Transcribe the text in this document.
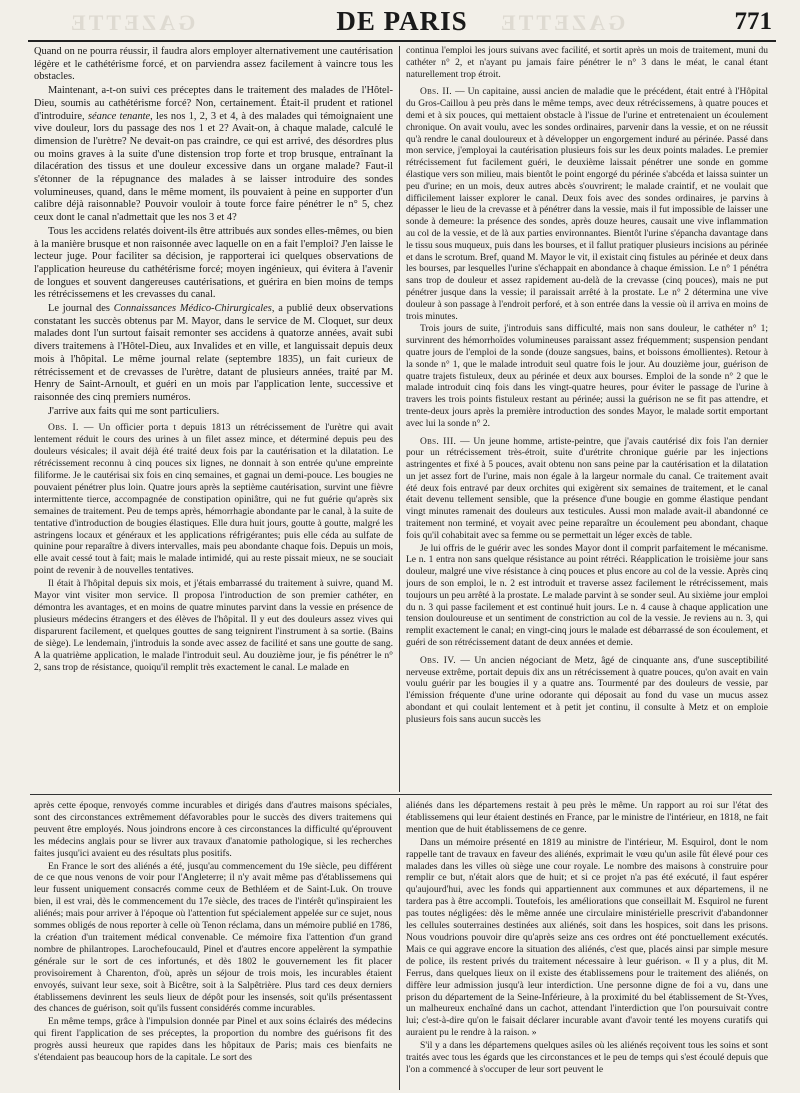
GAZETTE	GAZETTE
DE PARIS	771

Quand on ne pourra réussir, il faudra alors employer alternativement une cautérisation légère et le cathétérisme forcé, et on parviendra assez facilement à vaincre tous les obstacles.

Maintenant, a-t-on suivi ces préceptes dans le traitement des malades de l'Hôtel-Dieu, soumis au cathétérisme forcé? Non, certainement. Était-il prudent et rationel d'introduire, séance tenante, les nos 1, 2, 3 et 4, à des malades qui témoignaient une vive douleur, lors du passage des nos 1 et 2? Avait-on, à chaque malade, calculé le dimension de l'urètre? Ne devait-on pas craindre, ce qui est arrivé, des désordres plus ou moins graves à la suite d'une distension trop forte et trop brusque, entraînant la dilacération des tissus et une douleur excessive dans un organe malade? Faut-il s'étonner de la répugnance des malades à se laisser introduire des sondes volumineuses, quand, dans le même moment, ils pouvaient à peine en supporter d'un calibre déjà raisonnable? Pouvoir vouloir à toute force faire pénétrer le n° 5, chez ceux dont le canal n'admettait que les nos 3 et 4?

Tous les accidens relatés doivent-ils être attribués aux sondes elles-mêmes, ou bien à la manière brusque et non raisonnée avec laquelle on en a fait l'emploi? J'en laisse le lecteur juge. Pour faciliter sa décision, je rapporterai ici quelques observations de l'application heureuse du cathétérisme forcé; moyen ingénieux, qui évitera à l'avenir de longues et souvent dangereuses cautérisations, et guérira en bien moins de temps les rétrécissemens et les crevasses du canal.

Le journal des Connaissances Médico-Chirurgicales, a publié deux observations constatant les succès obtenus par M. Mayor, dans le service de M. Cloquet, sur deux malades dont l'un surtout faisait remonter ses accidens à quatorze années, avait subi divers traitemens à l'Hôtel-Dieu, aux Invalides et en ville, et languissait depuis deux mois à l'hôpital. Le même journal relate (septembre 1835), un fait curieux de rétrécissement et de crevasses de l'urètre, datant de plusieurs années, traité par M. Henry de Saint-Arnoult, et guéri en un mois par l'application lente, successive et raisonnée des cinq premiers numéros.

J'arrive aux faits qui me sont particuliers.

Obs. I. — Un officier porta t depuis 1813 un rétrécissement de l'urètre qui avait lentement réduit le cours des urines à un filet assez mince, et déterminé depuis peu des douleurs vésicales; il avait déjà été traité deux fois par la cautérisation et la dilatation. Le rétrécissement reconnu à cinq pouces six lignes, ne donnait à son entrée qu'une empreinte filiforme. Je le cautérisai six fois en cinq semaines, et gagnai un demi-pouce. Les bougies ne pouvaient pénétrer plus loin. Quatre jours après la septième cautérisation, survint une fièvre intermittente tierce, accompagnée de constipation opiniâtre, qui ne fut guérie qu'après six semaines de traitement. Peu de temps après, hémorrhagie abondante par le canal, à la suite de tentative d'introduction de bougies élastiques. Elle dura huit jours, goutte à goutte, malgré les astringens locaux et généraux et les applications réfrigérantes; puis elle céda au sulfate de quinine pour reparaître à divers intervalles, mais peu abondante chaque fois. Depuis un mois, elle avait cessé tout à fait; mais le malade intimidé, qui au reste pissait mieux, ne se souciait point de revenir à de nouvelles tentatives.

Il était à l'hôpital depuis six mois, et j'étais embarrassé du traitement à suivre, quand M. Mayor vint visiter mon service. Il proposa l'introduction de son premier cathéter, en démontra les avantages, et en moins de quatre minutes parvint dans la vessie en présence de plusieurs médecins étrangers et des élèves de l'hôpital. Il y eut des douleurs assez vives qui disparurent facilement, et quelques gouttes de sang teignirent l'instrument à sa sortie. (Bains de siège). Le lendemain, j'introduis la sonde avec assez de facilité et sans une goutte de sang. A la quatrième application, le malade l'introduit seul. Au douzième jour, je fis pénétrer le n° 2, sans trop de résistance, quoiqu'il remplit très exactement le canal. Le malade en

continua l'emploi les jours suivans avec facilité, et sortit après un mois de traitement, muni du cathéter n° 2, et n'ayant pu jamais faire pénétrer le n° 3 dans le méat, le canal étant naturellement trop étroit.

Obs. II. — Un capitaine, aussi ancien de maladie que le précédent, était entré à l'Hôpital du Gros-Caillou à peu près dans le même temps, avec deux rétrécissemens, à quatre pouces et demi et à six pouces, qui mettaient obstacle à l'issue de l'urine et entretenaient un écoulement chronique. On avait voulu, avec les sondes ordinaires, parvenir dans la vessie, et on ne réussit qu'à rendre le canal douloureux et à développer un engorgement induré au périnée. Passé dans mon service, j'employai la cautérisation plusieurs fois sur les deux points malades. Le premier rétrécissement fut facilement guéri, le deuxième laissait pénétrer une sonde en gomme élastique vers son milieu, mais bientôt le point engorgé du périnée s'abcéda et laissa suinter un peu d'urine; en un mois, deux autres abcès s'ouvrirent; le malade craintif, et ne voulait que difficilement laisser explorer le canal. Deux fois avec des sondes ordinaires, je parvins à dépasser le lieu de la crevasse et à pénétrer dans la vessie, mais il fut impossible de laisser une sonde à demeure: la présence des sondes, après douze heures, causait une vive inflammation au col de la vessie, et de là aux parties environnantes. Bientôt l'urine s'épancha davantage dans le tissu sous muqueux, puis dans les bourses, et il fallut pratiquer plusieurs incisions au périnée et dans le scrotum. Bref, quand M. Mayor le vit, il existait cinq fistules au périnée et deux dans les bourses, par lesquelles l'urine s'échappait en abondance à chaque émission. Le n° 1 pénétra sans trop de douleur et assez rapidement au-delà de la crevasse (cinq pouces), mais ne put pénétrer jusque dans la vessie; il paraissait arrêté à la prostate. Le n° 2 détermina une vive douleur à son passage à l'endroit perforé, et à son entrée dans la vessie où il arriva en moins de trois minutes.

Trois jours de suite, j'introduis sans difficulté, mais non sans douleur, le cathéter n° 1; survinrent des hémorrhoïdes volumineuses paraissant assez fréquemment; suspension pendant quatre jours de l'emploi de la sonde (douze sangsues, bains, et boissons émollientes). Retour à la sonde n° 1, que le malade introduit seul quatre fois le jour. Au douzième jour, guérison de quatre trajets fistuleux, deux au périnée et deux aux bourses. Emploi de la sonde n° 2 que le malade introduit cinq fois dans les vingt-quatre heures, pour éviter le passage de l'urine à travers les trois points fistuleux restant au périnée; aussi la guérison ne se fit pas attendre, et trente-deux jours après la première introduction des sondes Mayor, le malade sortit emportant avec lui la sonde n° 2.

Obs. III. — Un jeune homme, artiste-peintre, que j'avais cautérisé dix fois l'an dernier pour un rétrécissement très-étroit, suite d'urétrite chronique guérie par les injections astringentes et fixé à 5 pouces, avait obtenu non sans peine par la cautérisation et la dilatation un jet assez fort de l'urine, mais non égale à la largeur normale du canal. Ce traitement avait été deux fois entravé par deux orchites qui exigèrent six semaines de traitement, et le canal était devenu tellement sensible, que la présence d'une bougie en gomme élastique pendant vingt minutes ramenait des douleurs aux testicules. Aussi mon malade avait-il abandonné ce traitement non terminé, et voyait avec peine reparaître un écoulement peu abondant, chaque fois qu'il cohabitait avec sa femme ou se permettait un léger excès de table.

Je lui offris de le guérir avec les sondes Mayor dont il comprit parfaitement le mécanisme. Le n. 1 entra non sans quelque résistance au point rétréci. Réapplication le troisième jour sans douleur, malgré une vive résistance à cinq pouces et plus encore au col de la vessie. Après cinq jours de son emploi, le n. 2 est introduit et traverse assez facilement le rétrécissement, mais toujours un peu arrêté à la prostate. Le malade parvint à se sonder seul. Au sixième jour emploi du n. 3 qui passe facilement et est continué huit jours. Le n. 4 cause à chaque application une tension douloureuse et un sentiment de constriction au col de la vessie. Je reviens au n. 3, qui remplit exactement le canal; en vingt-cinq jours le malade est débarrassé de son écoulement, et guéri de son rétrécissement datant de deux années et demie.

Obs. IV. — Un ancien négociant de Metz, âgé de cinquante ans, d'une susceptibilité nerveuse extrême, portait depuis dix ans un rétrécissement à quatre pouces, qu'on avait en vain voulu guérir par les bougies il y a quatre ans. Tourmenté par des douleurs de vessie, par l'émission fréquente d'une urine odorante qui déposait au fond du vase un mucus assez abondant et qui coulait lentement et à petit jet continu, il consulte à Metz et on emploie plusieurs fois sans aucun succès les

après cette époque, renvoyés comme incurables et dirigés dans d'autres maisons spéciales, sont des circonstances extrêmement défavorables pour le succès des divers traitemens qui peuvent être employés. Nous joindrons encore à ces circonstances la difficulté qu'éprouvent les médecins anglais pour se livrer aux travaux d'anatomie pathologique, si les recherches faites jusqu'ici avaient eu des résultats plus positifs.

En France le sort des aliénés a été, jusqu'au commencement du 19e siècle, peu différent de ce que nous venons de voir pour l'Angleterre; il n'y avait même pas d'établissemens qui leur fussent uniquement consacrés comme ceux de Bethléem et de Saint-Luk. On trouve bien, il est vrai, dès le commencement du 17e siècle, des traces de l'intérêt qu'inspiraient les aliénés; mais pour arriver à l'époque où l'attention fut spécialement appelée sur ce sujet, nous sommes obligés de nous reporter à celle où Tenon réclama, dans un mémoire publié en 1786, la création d'un traitement médical convenable. Ce mémoire fixa l'attention d'un grand nombre de philantropes. Larochefoucauld, Pinel et d'autres encore appelèrent la sympathie générale sur le sort de ces infortunés, et dès 1802 le gouvernement les fit placer provisoirement à Charenton, d'où, après un séjour de trois mois, les incurables étaient envoyés, suivant leur sexe, soit à Bicêtre, soit à la Salpêtrière. Plus tard ces deux derniers établissemens devinrent les seuls lieux de dépôt pour les insensés, soit qu'ils présentassent des chances de guérison, soit qu'ils fussent considérés comme incurables.

En même temps, grâce à l'impulsion donnée par Pinel et aux soins éclairés des médecins qui firent l'application de ses préceptes, la proportion du nombre des guérisons fit des progrès aussi heureux que rapides dans les hôpitaux de Paris; mais ces bienfaits ne s'étendaient pas beaucoup hors de la capitale. Le sort des

aliénés dans les départemens restait à peu près le même. Un rapport au roi sur l'état des établissemens qui leur étaient destinés en France, par le ministre de l'intérieur, en 1818, ne fait mention que de huit établissemens de ce genre.

Dans un mémoire présenté en 1819 au ministre de l'intérieur, M. Esquirol, dont le nom rappelle tant de travaux en faveur des aliénés, exprimait le vœu qu'un asile fût élevé pour ces malades dans les villes où siège une cour royale. Le nombre des maisons à construire pour remplir ce but, n'était alors que de huit; et si ce projet n'a pas été exécuté, il faut espérer qu'aujourd'hui, avec les fonds qui appartiennent aux communes et aux départemens, il ne tardera pas à être accompli. Toutefois, les améliorations que conseillait M. Esquirol ne furent pas toutes négligées: dès le même année une circulaire ministérielle prescrivit d'abandonner les cellules souterraines destinées aux aliénés, soit dans les hospices, soit dans les prisons. Nous voudrions pouvoir dire qu'après seize ans ces ordres ont été ponctuellement exécutés. Mais ce qui aggrave encore la situation des aliénés, c'est que, placés ainsi par simple mesure de police, ils restent privés du traitement nécessaire à leur guérison. « Il y a plus, dit M. Ferrus, dans quelques lieux on il existe des établissemens pour le traitement des aliénés, on diffère leur admission jusqu'à leur interdiction. Une personne digne de foi a vu, dans une prison du département de la Seine-Inférieure, à la proximité du bel établissement de St-Yves, un malheureux enchaîné dans un cachot, attendant l'interdiction que l'on poursuivait contre lui; c'est-à-dire qu'on le faisait déclarer incurable avant d'avoir tenté les moyens curatifs qui auraient pu le rendre à la raison. »

S'il y a dans les départemens quelques asiles où les aliénés reçoivent tous les soins et sont traités avec tous les égards que les circonstances et le peu de temps qui s'est écoulé depuis que l'on a commencé à s'occuper de leur sort peuvent le
